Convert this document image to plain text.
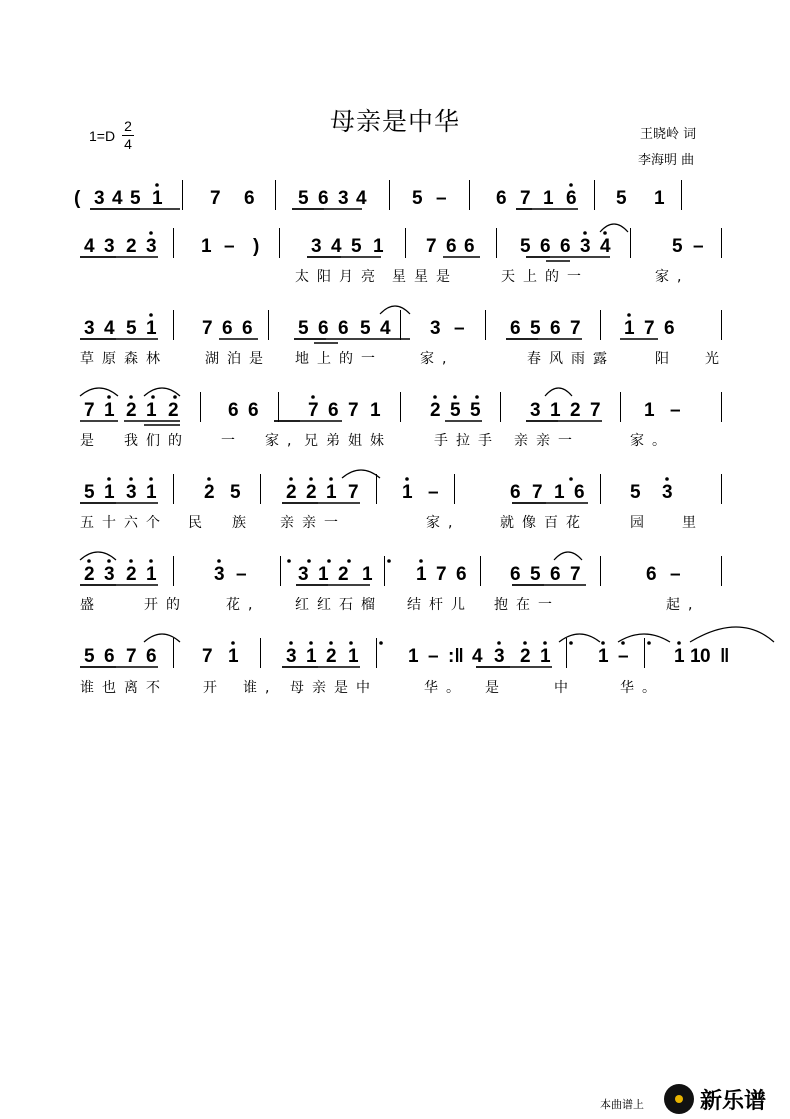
母亲是中华
1=D
2
4
王晓岭 词
李海明 曲
( 3 4 5 1 7 6 5 6 3 4 5 –	6 7 1 6 5 1
4 3 2 3 1 – )	3 4 5 1 7 6 6 5 6 6 3 4	5 –
太阳月亮 星星是	天上的一	家,
3 4 5 1 7 6 6 5 6 6 5 4 3 – 6 5 6 7 1 7 6
草原森林	湖泊是 地上的一	家,	春风雨露	阳 光
7 1 2 1 2	6 6	7 6 7 1	2 5 5	3 1 2 7 1 –
是 我们的 一 家, 兄弟姐妹	手拉手 亲亲一	家。
5 1 3 1 2 5 2 2 1 7 1 –	6 7 1 6 5 3
五十六个 民 族 亲亲一	家,	就像百花	园 里
2 3 2 1	3 –	3 1 2 1 1 7 6 6 5 6 7	6 –
盛	开的	花, 红红石榴 结杆儿 抱在一	起,
5 6 7 6 7 1 3 1 2 1	1 – :‖ 4 3 2 1 1 – 1 1 0 ‖
谁也离不	开 谁, 母亲是中	华。 是	中	华。
本曲谱上	新乐谱
